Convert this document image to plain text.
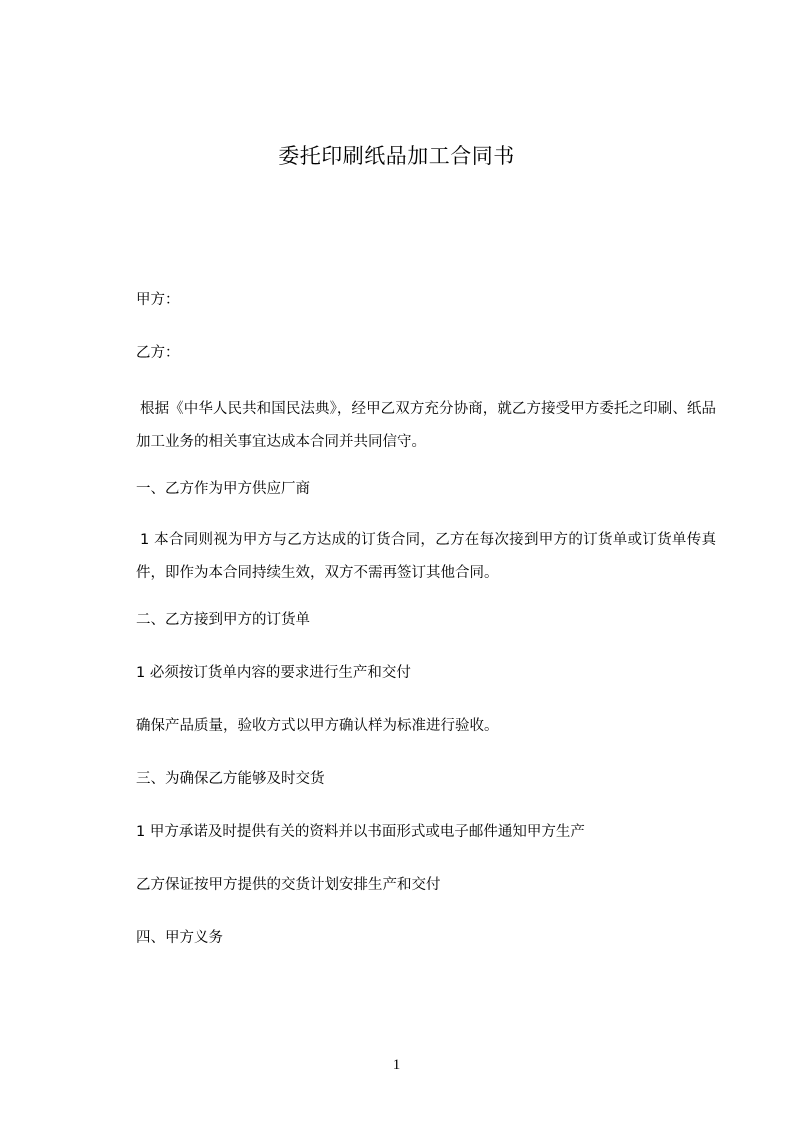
委托印刷纸品加工合同书
甲方：
乙方：
根据《中华人民共和国民法典》，经甲乙双方充分协商，就乙方接受甲方委托之印刷、纸品加工业务的相关事宜达成本合同并共同信守。
一、乙方作为甲方供应厂商
1 本合同则视为甲方与乙方达成的订货合同，乙方在每次接到甲方的订货单或订货单传真件，即作为本合同持续生效，双方不需再签订其他合同。
二、乙方接到甲方的订货单
1 必须按订货单内容的要求进行生产和交付
确保产品质量，验收方式以甲方确认样为标准进行验收。
三、为确保乙方能够及时交货
1 甲方承诺及时提供有关的资料并以书面形式或电子邮件通知甲方生产
乙方保证按甲方提供的交货计划安排生产和交付
四、甲方义务
1
